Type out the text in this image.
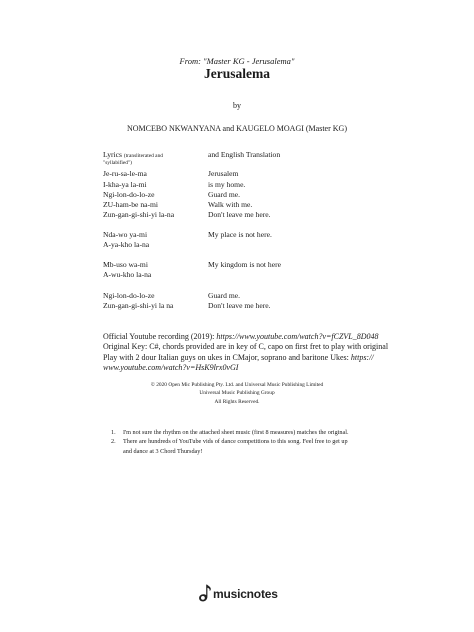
From: "Master KG - Jerusalema"
Jerusalema
by
NOMCEBO NKWANYANA and KAUGELO MOAGI (Master KG)
Lyrics (transliterated and
"syllabified")
and English Translation
Je-ru-sa-le-ma	Jerusalem
I-kha-ya la-mi	is my home.
Ngi-lon-do-lo-ze	Guard me.
ZU-ham-be na-mi	Walk with me.
Zun-gan-gi-shi-yi la-na	Don't leave me here.
Nda-wo ya-mi	My place is not here.
A-ya-kho la-na
Mb-uso wa-mi	My kingdom is not here
A-wu-kho la-na
Ngi-lon-do-lo-ze	Guard me.
Zun-gan-gi-shi-yi la na	Don't leave me here.
Official Youtube recording (2019): https://www.youtube.com/watch?v=fCZVL_8D048
Original Key: C#, chords provided are in key of C, capo on first fret to play with original
Play with 2 dour Italian guys on ukes in CMajor, soprano and baritone Ukes: https://
www.youtube.com/watch?v=HsK9lrx0vGI
© 2020 Open Mic Publishing Pty. Ltd. and Universal Music Publishing Limited
Universal Music Publishing Group
All Rights Reserved.
1. I'm not sure the rhythm on the attached sheet music (first 8 measures) matches the original.
2. There are hundreds of YouTube vids of dance competitions to this song. Feel free to get up
and dance at 3 Chord Thursday!
musicnotes
